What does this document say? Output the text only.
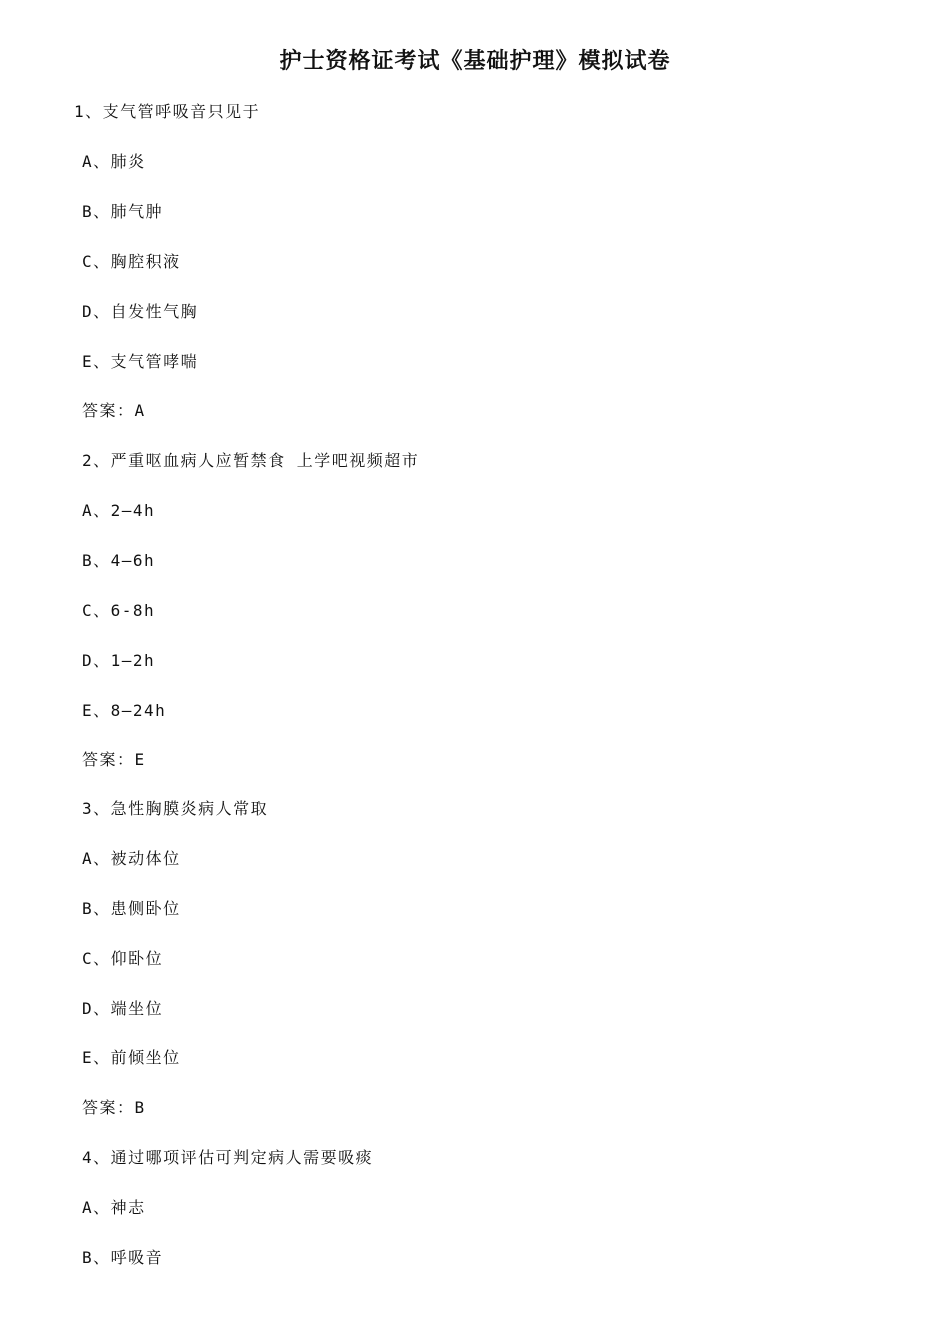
护士资格证考试《基础护理》模拟试卷
1、支气管呼吸音只见于
A、肺炎
B、肺气肿
C、胸腔积液
D、自发性气胸
E、支气管哮喘
答案：A
2、严重呕血病人应暂禁食 上学吧视频超市
A、2—4h
B、4—6h
C、6-8h
D、1—2h
E、8—24h
答案：E
3、急性胸膜炎病人常取
A、被动体位
B、患侧卧位
C、仰卧位
D、端坐位
E、前倾坐位
答案：B
4、通过哪项评估可判定病人需要吸痰
A、神志
B、呼吸音
